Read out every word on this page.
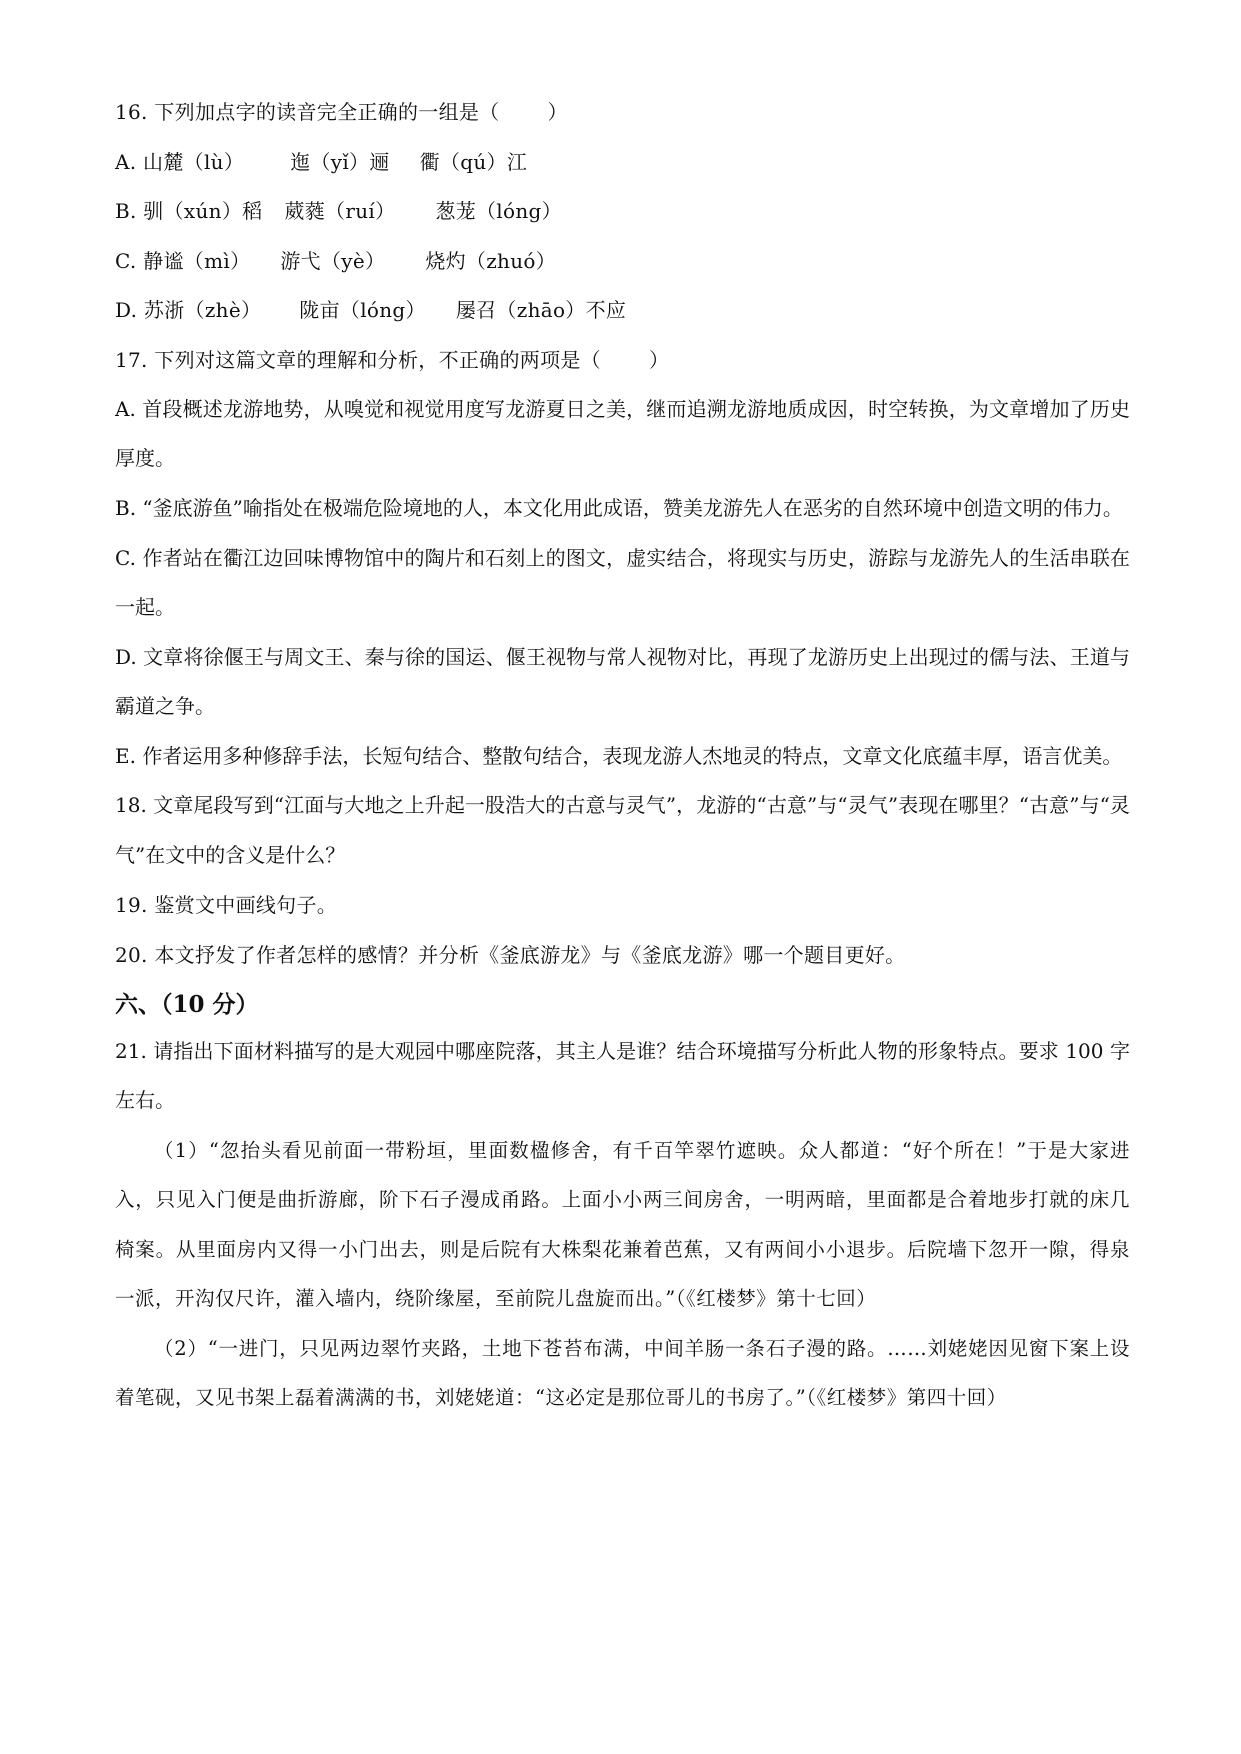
16. 下列加点字的读音完全正确的一组是（ ）
A. 山麓（lù） 迤（yǐ）逦 衢（qú）江
B. 驯（xún）稻 葳蕤（ruí） 葱茏（lóng）
C. 静谧（mì） 游弋（yè） 烧灼（zhuó）
D. 苏浙（zhè） 陇亩（lóng） 屡召（zhāo）不应
17. 下列对这篇文章的理解和分析，不正确的两项是（ ）
A. 首段概述龙游地势，从嗅觉和视觉用度写龙游夏日之美，继而追溯龙游地质成因，时空转换，为文章增加了历史厚度。
B. “釜底游鱼”喻指处在极端危险境地的人，本文化用此成语，赞美龙游先人在恶劣的自然环境中创造文明的伟力。
C. 作者站在衢江边回味博物馆中的陶片和石刻上的图文，虚实结合，将现实与历史，游踪与龙游先人的生活串联在一起。
D. 文章将徐偃王与周文王、秦与徐的国运、偃王视物与常人视物对比，再现了龙游历史上出现过的儒与法、王道与霸道之争。
E. 作者运用多种修辞手法，长短句结合、整散句结合，表现龙游人杰地灵的特点，文章文化底蕴丰厚，语言优美。
18. 文章尾段写到“江面与大地之上升起一股浩大的古意与灵气”，龙游的“古意”与“灵气”表现在哪里？“古意”与“灵气”在文中的含义是什么？
19. 鉴赏文中画线句子。
20. 本文抒发了作者怎样的感情？并分析《釜底游龙》与《釜底龙游》哪一个题目更好。
六、（10 分）
21. 请指出下面材料描写的是大观园中哪座院落，其主人是谁？结合环境描写分析此人物的形象特点。要求 100 字左右。
（1）“忽抬头看见前面一带粉垣，里面数楹修舍，有千百竿翠竹遮映。众人都道：“好个所在！”于是大家进入，只见入门便是曲折游廊，阶下石子漫成甬路。上面小小两三间房舍，一明两暗，里面都是合着地步打就的床几椅案。从里面房内又得一小门出去，则是后院有大株梨花兼着芭蕉，又有两间小小退步。后院墙下忽开一隙，得泉一派，开沟仅尺许，灌入墙内，绕阶缘屋，至前院儿盘旋而出。”（《红楼梦》第十七回）
（2）“一进门，只见两边翠竹夹路，土地下苍苔布满，中间羊肠一条石子漫的路。……刘姥姥因见窗下案上设着笔砚，又见书架上磊着满满的书，刘姥姥道：“这必定是那位哥儿的书房了。”（《红楼梦》第四十回）
